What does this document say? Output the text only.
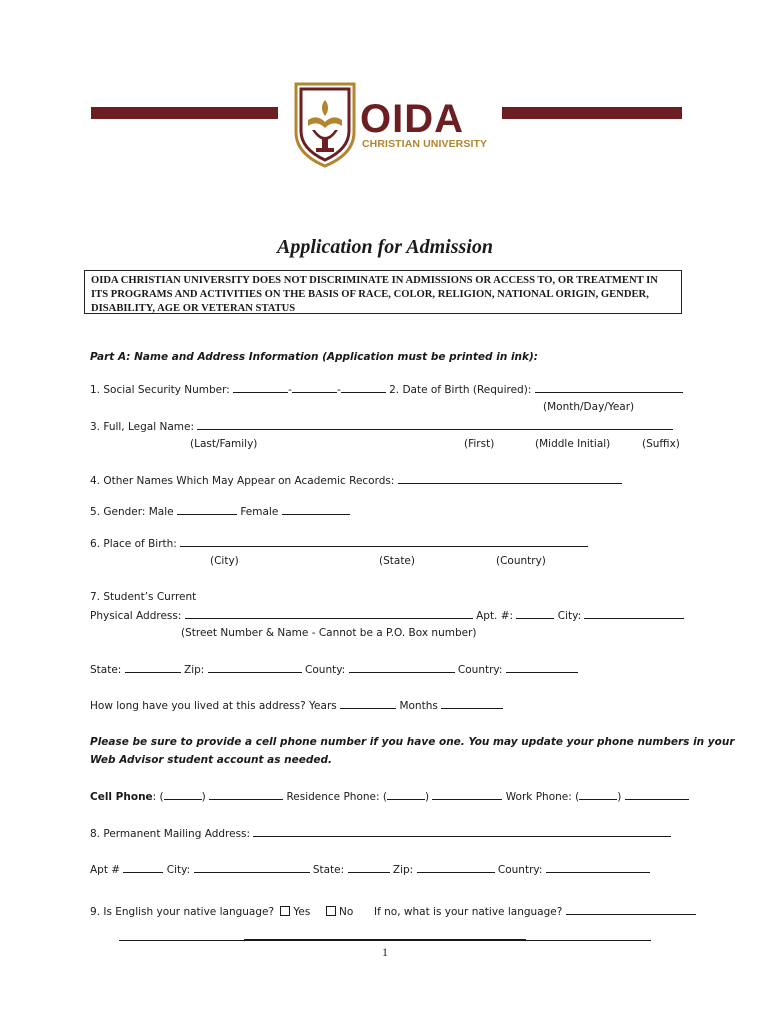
OIDA
CHRISTIAN UNIVERSITY
Application for Admission
OIDA CHRISTIAN UNIVERSITY DOES NOT DISCRIMINATE IN ADMISSIONS OR ACCESS TO, OR TREATMENT IN ITS PROGRAMS AND ACTIVITIES ON THE BASIS OF RACE, COLOR, RELIGION, NATIONAL ORIGIN, GENDER, DISABILITY, AGE OR VETERAN STATUS
Part A: Name and Address Information (Application must be printed in ink):
1. Social Security Number:	-	-	2. Date of Birth (Required):
(Month/Day/Year)
3. Full, Legal Name:
(Last/Family)	(First)	(Middle Initial)	(Suffix)
4. Other Names Which May Appear on Academic Records:
5. Gender: Male	Female
6. Place of Birth:
(City)	(State)	(Country)
7. Student’s Current
Physical Address:	Apt. #:	City:
(Street Number & Name - Cannot be a P.O. Box number)
State:	Zip:	County:	Country:
How long have you lived at this address? Years	Months
Please be sure to provide a cell phone number if you have one. You may update your phone numbers in your
Web Advisor student account as needed.
Cell Phone: (	)	Residence Phone: (	)	Work Phone: (	)
8. Permanent Mailing Address:
Apt #	City:	State:	Zip:	Country:
9. Is English your native language? Yes	No If no, what is your native language?
1
